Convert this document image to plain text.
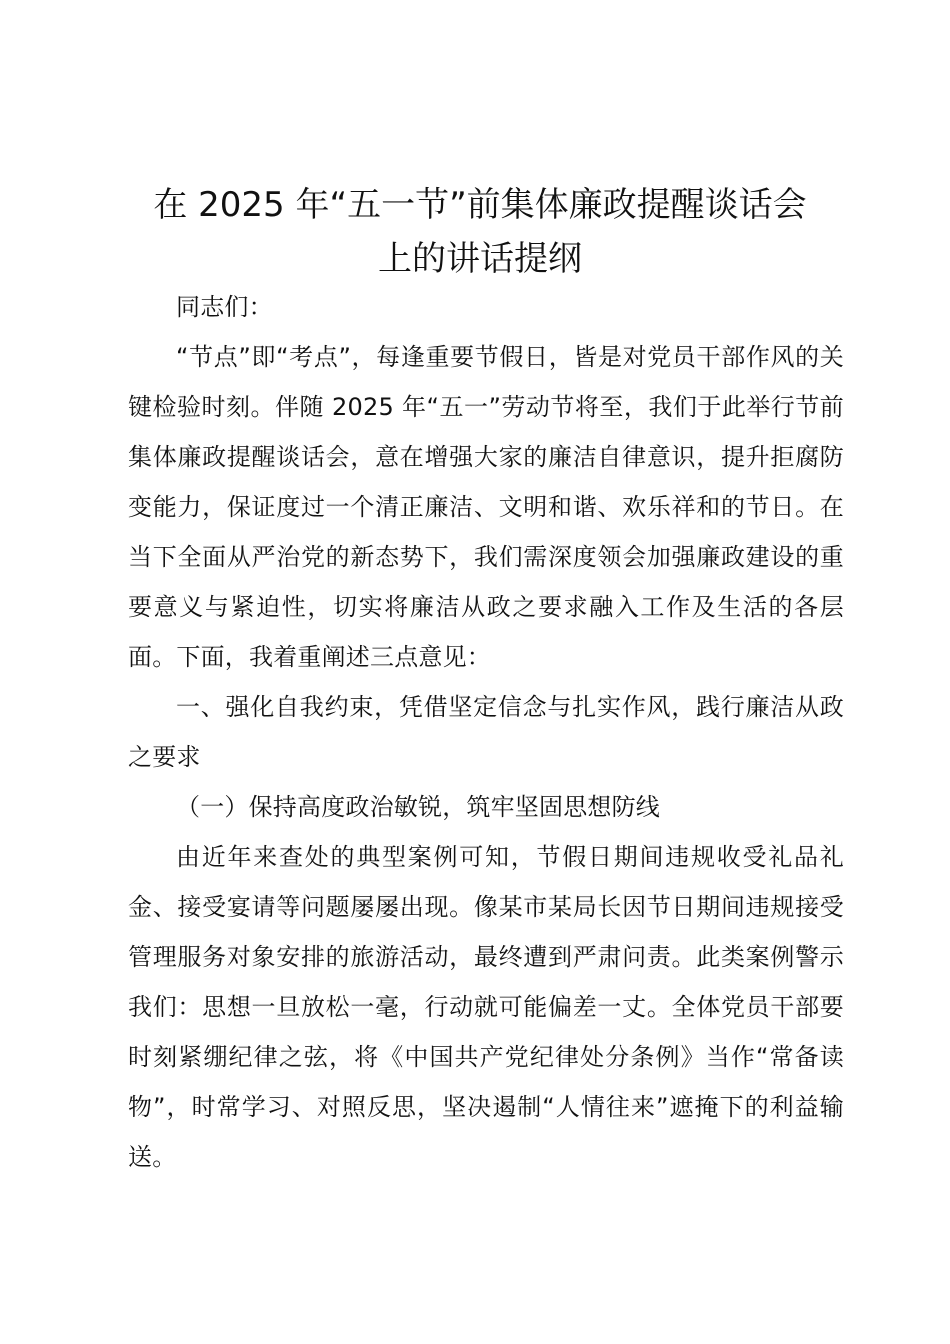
在 2025 年“五一节”前集体廉政提醒谈话会
上的讲话提纲

同志们：

“节点”即“考点”，每逢重要节假日，皆是对党员干部作风的关键检验时刻。伴随 2025 年“五一”劳动节将至，我们于此举行节前集体廉政提醒谈话会，意在增强大家的廉洁自律意识，提升拒腐防变能力，保证度过一个清正廉洁、文明和谐、欢乐祥和的节日。在当下全面从严治党的新态势下，我们需深度领会加强廉政建设的重要意义与紧迫性，切实将廉洁从政之要求融入工作及生活的各层面。下面，我着重阐述三点意见：

一、强化自我约束，凭借坚定信念与扎实作风，践行廉洁从政之要求

（一）保持高度政治敏锐，筑牢坚固思想防线

由近年来查处的典型案例可知，节假日期间违规收受礼品礼金、接受宴请等问题屡屡出现。像某市某局长因节日期间违规接受管理服务对象安排的旅游活动，最终遭到严肃问责。此类案例警示我们：思想一旦放松一毫，行动就可能偏差一丈。全体党员干部要时刻紧绷纪律之弦，将《中国共产党纪律处分条例》当作“常备读物”，时常学习、对照反思，坚决遏制“人情往来”遮掩下的利益输送。
